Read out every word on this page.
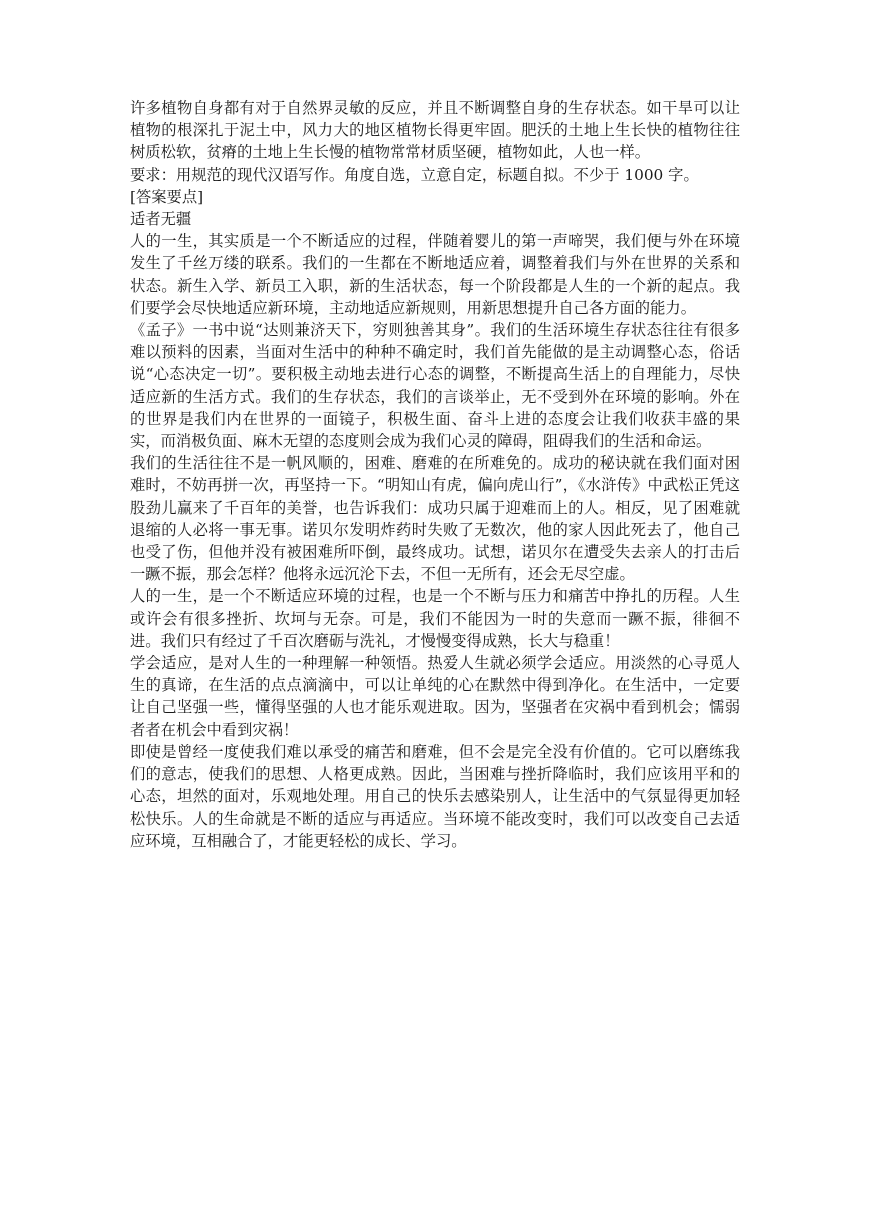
许多植物自身都有对于自然界灵敏的反应，并且不断调整自身的生存状态。如干旱可以让植物的根深扎于泥土中，风力大的地区植物长得更牢固。肥沃的土地上生长快的植物往往树质松软，贫瘠的土地上生长慢的植物常常材质坚硬，植物如此，人也一样。

要求：用规范的现代汉语写作。角度自选，立意自定，标题自拟。不少于 1000 字。

[答案要点]

适者无疆

人的一生，其实质是一个不断适应的过程，伴随着婴儿的第一声啼哭，我们便与外在环境发生了千丝万缕的联系。我们的一生都在不断地适应着，调整着我们与外在世界的关系和状态。新生入学、新员工入职，新的生活状态，每一个阶段都是人生的一个新的起点。我们要学会尽快地适应新环境，主动地适应新规则，用新思想提升自己各方面的能力。

《孟子》一书中说“达则兼济天下，穷则独善其身”。我们的生活环境生存状态往往有很多难以预料的因素，当面对生活中的种种不确定时，我们首先能做的是主动调整心态，俗话说“心态决定一切”。要积极主动地去进行心态的调整，不断提高生活上的自理能力，尽快适应新的生活方式。我们的生存状态，我们的言谈举止，无不受到外在环境的影响。外在的世界是我们内在世界的一面镜子，积极生面、奋斗上进的态度会让我们收获丰盛的果实，而消极负面、麻木无望的态度则会成为我们心灵的障碍，阻碍我们的生活和命运。

我们的生活往往不是一帆风顺的，困难、磨难的在所难免的。成功的秘诀就在我们面对困难时，不妨再拼一次，再坚持一下。“明知山有虎，偏向虎山行”，《水浒传》中武松正凭这股劲儿赢来了千百年的美誉，也告诉我们：成功只属于迎难而上的人。相反，见了困难就退缩的人必将一事无事。诺贝尔发明炸药时失败了无数次，他的家人因此死去了，他自己也受了伤，但他并没有被困难所吓倒，最终成功。试想，诺贝尔在遭受失去亲人的打击后一蹶不振，那会怎样？他将永远沉沦下去，不但一无所有，还会无尽空虚。

人的一生，是一个不断适应环境的过程，也是一个不断与压力和痛苦中挣扎的历程。人生或许会有很多挫折、坎坷与无奈。可是，我们不能因为一时的失意而一蹶不振，徘徊不进。我们只有经过了千百次磨砺与洗礼，才慢慢变得成熟，长大与稳重！

学会适应，是对人生的一种理解一种领悟。热爱人生就必须学会适应。用淡然的心寻觅人生的真谛，在生活的点点滴滴中，可以让单纯的心在默然中得到净化。在生活中，一定要让自己坚强一些，懂得坚强的人也才能乐观进取。因为，坚强者在灾祸中看到机会；懦弱者者在机会中看到灾祸！

即使是曾经一度使我们难以承受的痛苦和磨难，但不会是完全没有价值的。它可以磨练我们的意志，使我们的思想、人格更成熟。因此，当困难与挫折降临时，我们应该用平和的心态，坦然的面对，乐观地处理。用自己的快乐去感染别人，让生活中的气氛显得更加轻松快乐。人的生命就是不断的适应与再适应。当环境不能改变时，我们可以改变自己去适应环境，互相融合了，才能更轻松的成长、学习。
